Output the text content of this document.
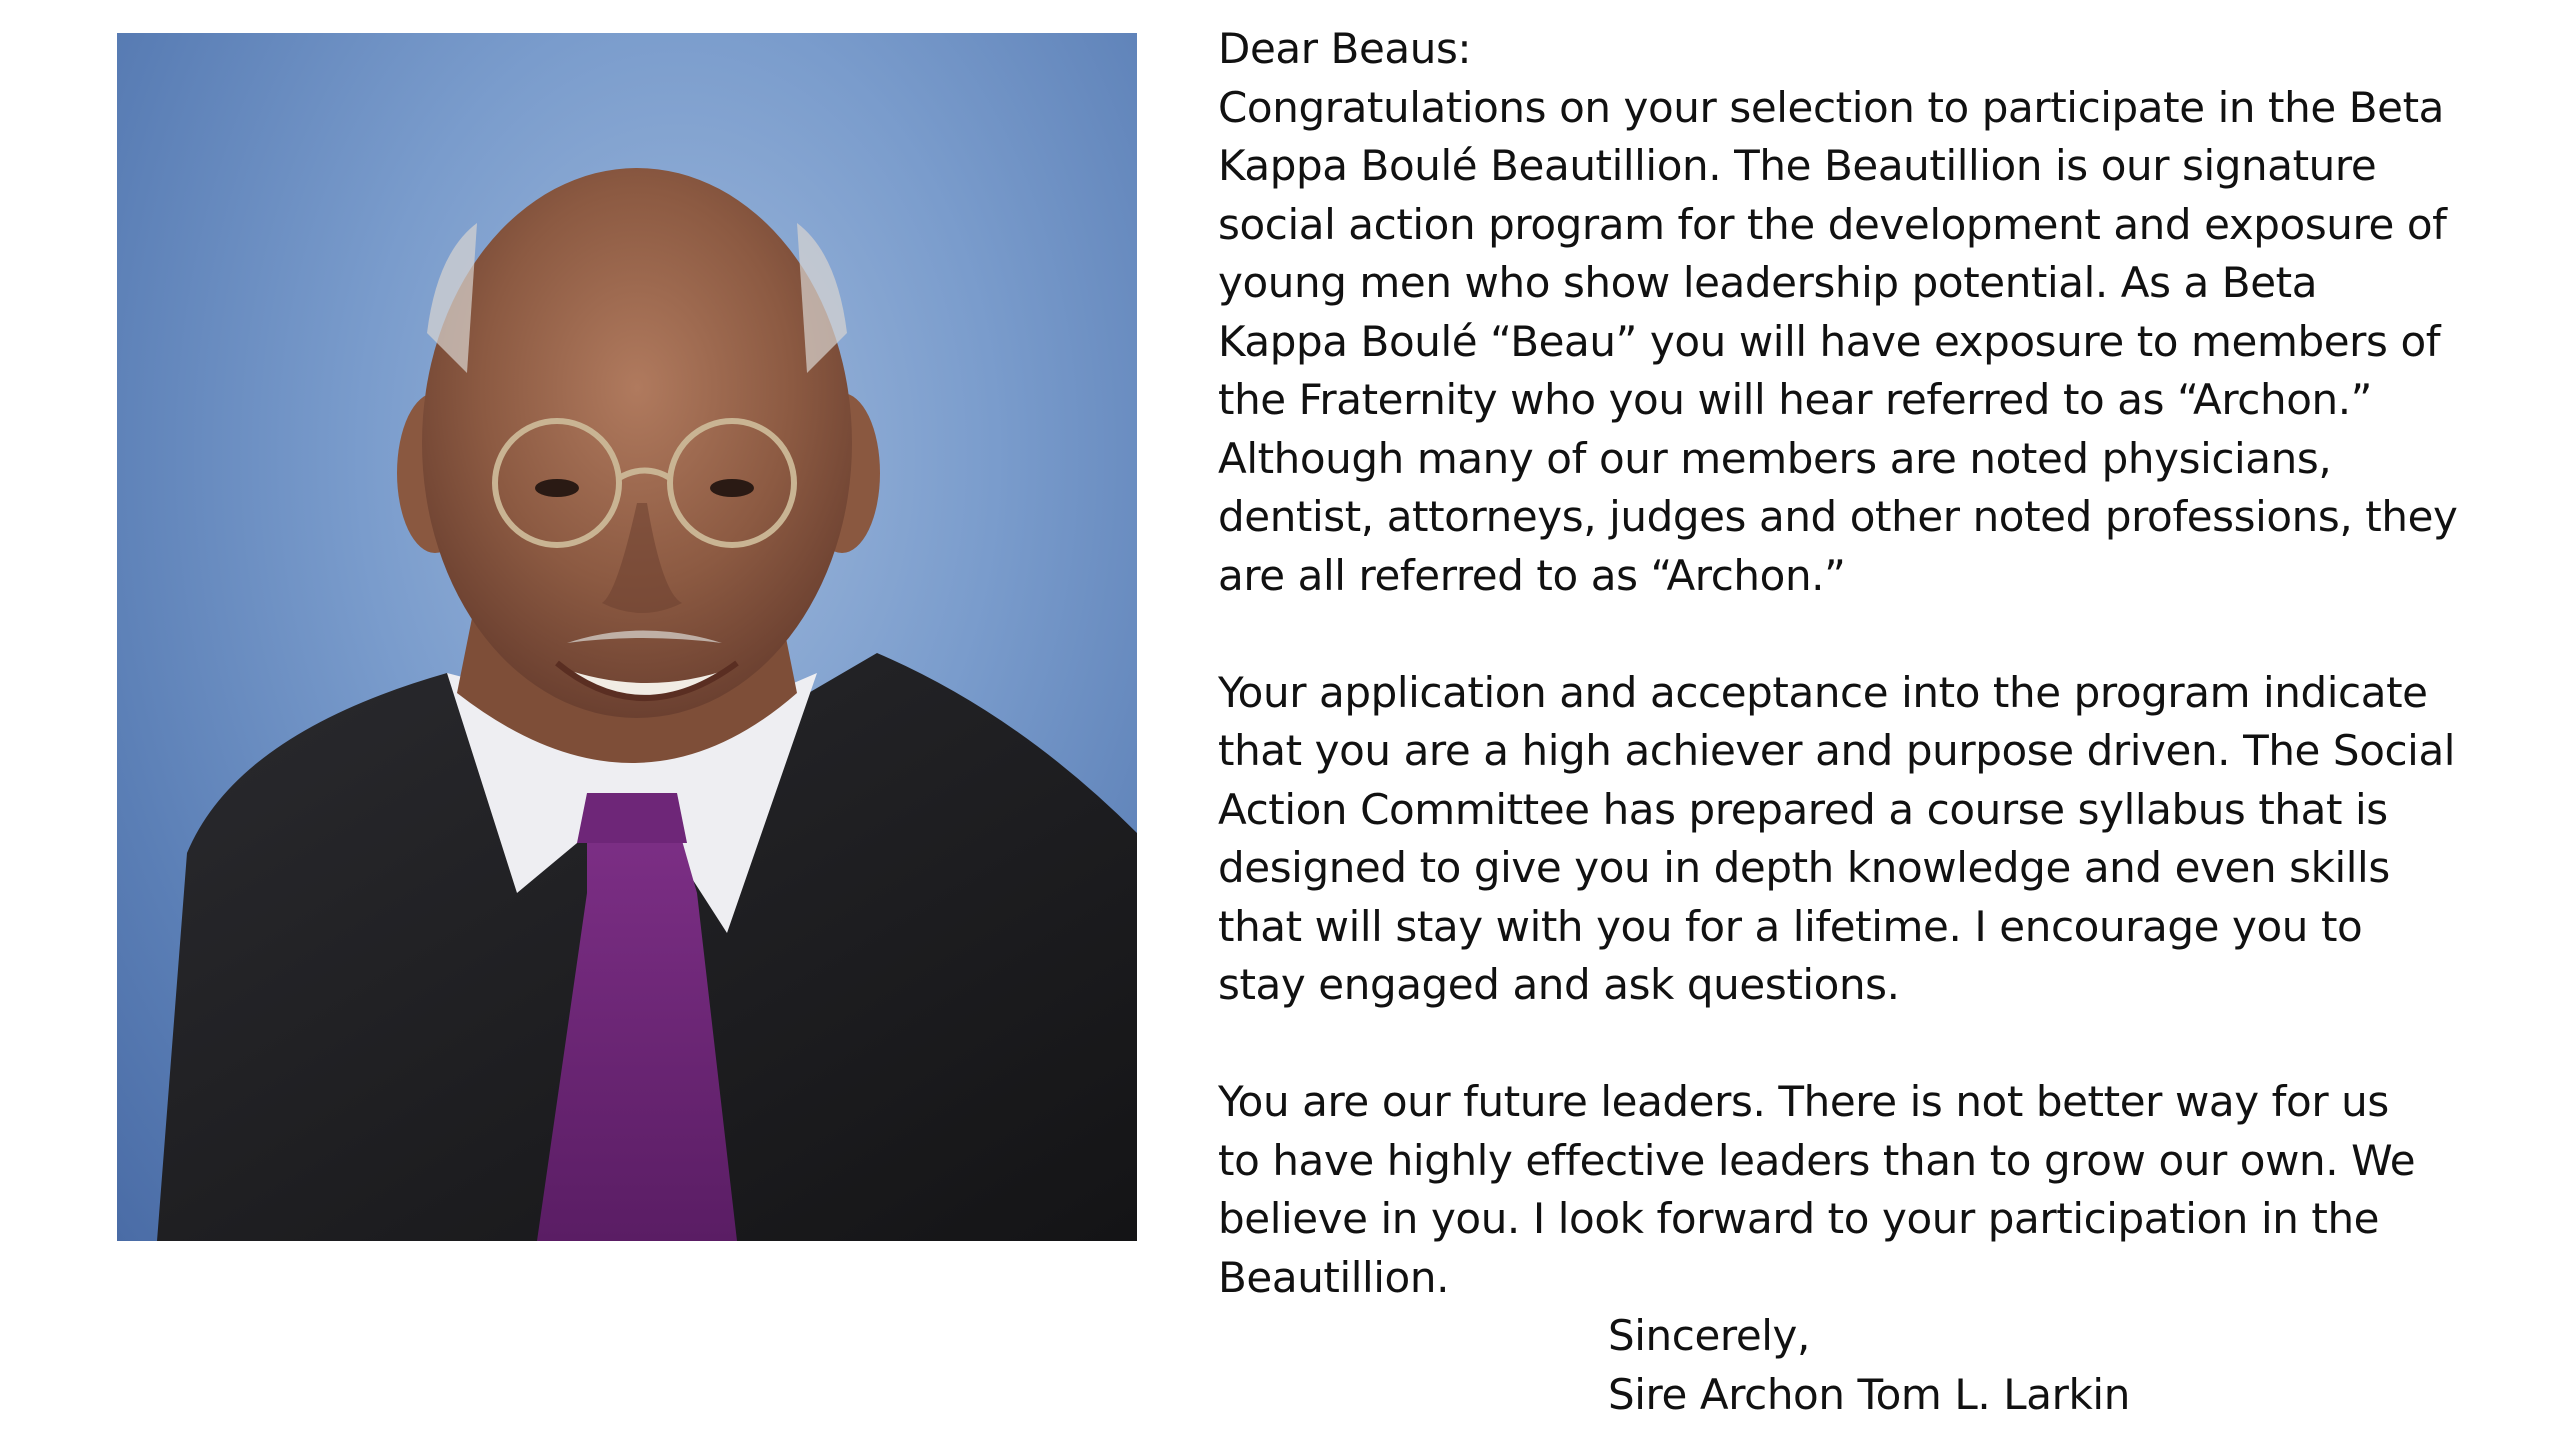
Dear Beaus:

Congratulations on your selection to participate in the Beta
Kappa Boulé Beautillion. The Beautillion is our signature
social action program for the development and exposure of
young men who show leadership potential. As a Beta
Kappa Boulé “Beau” you will have exposure to members of
the Fraternity who you will hear referred to as “Archon.”
Although many of our members are noted physicians,
dentist, attorneys, judges and other noted professions, they
are all referred to as “Archon.”

Your application and acceptance into the program indicate
that you are a high achiever and purpose driven. The Social
Action Committee has prepared a course syllabus that is
designed to give you in depth knowledge and even skills
that will stay with you for a lifetime. I encourage you to
stay engaged and ask questions.

You are our future leaders. There is not better way for us
to have highly effective leaders than to grow our own. We
believe in you. I look forward to your participation in the
Beautillion.

Sincerely,
Sire Archon Tom L. Larkin
